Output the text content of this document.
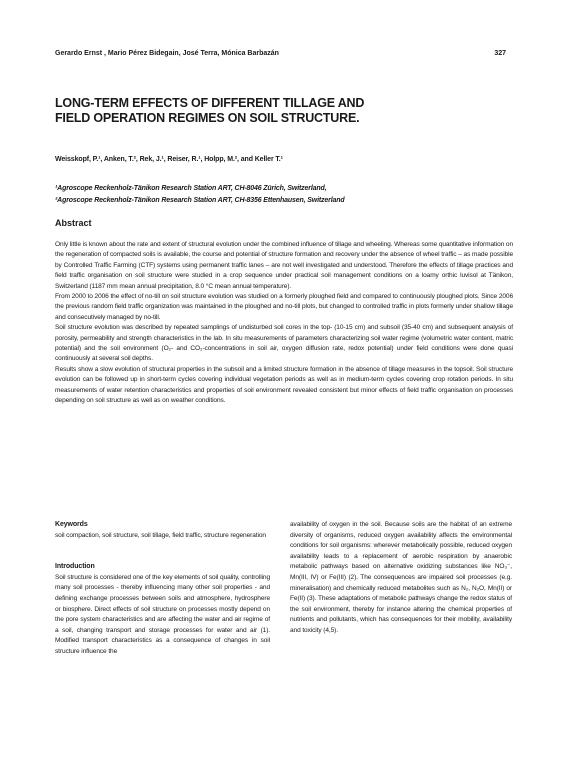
Gerardo Ernst , Mario Pérez Bidegain, José Terra, Mónica Barbazán	327
LONG-TERM EFFECTS OF DIFFERENT TILLAGE AND
FIELD OPERATION REGIMES ON SOIL STRUCTURE.
Weisskopf, P.¹, Anken, T.², Rek, J.¹, Reiser, R.¹, Holpp, M.², and Keller T.¹
¹Agroscope Reckenholz-Tänikon Research Station ART, CH-8046 Zürich, Switzerland,
²Agroscope Reckenholz-Tänikon Research Station ART, CH-8356 Ettenhausen, Switzerland
Abstract

Only little is known about the rate and extent of structural evolution under the combined influence of tillage and wheeling. Whereas some quantitative information on the regeneration of compacted soils is available, the course and potential of structure formation and recovery under the absence of wheel traffic – as made possible by Controlled Traffic Farming (CTF) systems using permanent traffic lanes – are not well investigated and understood. Therefore the effects of tillage practices and field traffic organisation on soil structure were studied in a crop sequence under practical soil management conditions on a loamy orthic luvisol at Tänikon, Switzerland (1187 mm mean annual precipitation, 8.0 °C mean annual temperature).

From 2000 to 2006 the effect of no-till on soil structure evolution was studied on a formerly ploughed field and compared to continuously ploughed plots. Since 2006 the previous random field traffic organization was maintained in the ploughed and no-till plots, but changed to controlled traffic in plots formerly under shallow tillage and consecutively managed by no-till.

Soil structure evolution was described by repeated samplings of undisturbed soil cores in the top- (10-15 cm) and subsoil (35-40 cm) and subsequent analysis of porosity, permeability and strength characteristics in the lab. In situ measurements of parameters characterizing soil water regime (volumetric water content, matric potential) and the soil environment (O₂- and CO₂-concentrations in soil air, oxygen diffusion rate, redox potential) under field conditions were done quasi continuously at several soil depths.

Results show a slow evolution of structural properties in the subsoil and a limited structure formation in the absence of tillage measures in the topsoil. Soil structure evolution can be followed up in short-term cycles covering individual vegetation periods as well as in medium-term cycles covering crop rotation periods. In situ measurements of water retention characteristics and properties of soil environment revealed consistent but minor effects of field traffic organisation on processes depending on soil structure as well as on weather conditions.

Keywords

soil compaction, soil structure, soil tillage, field traffic, structure regeneration

Introduction

Soil structure is considered one of the key elements of soil quality, controlling many soil processes - thereby influencing many other soil properties - and defining exchange processes between soils and atmosphere, hydrosphere or biosphere. Direct effects of soil structure on processes mostly depend on the pore system characteristics and are affecting the water and air regime of a soil, changing transport and storage processes for water and air (1). Modified transport characteristics as a consequence of changes in soil structure influence the

availability of oxygen in the soil. Because soils are the habitat of an extreme diversity of organisms, reduced oxygen availability affects the environmental conditions for soil organisms: wherever metabolically possible, reduced oxygen availability leads to a replacement of aerobic respiration by anaerobic metabolic pathways based on alternative oxidizing substances like NO₃⁻, Mn(III, IV) or Fe(III) (2). The consequences are impaired soil processes (e.g. mineralisation) and chemically reduced metabolites such as N₂, N₂O, Mn(II) or Fe(II) (3). These adaptations of metabolic pathways change the redox status of the soil environment, thereby for instance altering the chemical properties of nutrients and pollutants, which has consequences for their mobility, availability and toxicity (4,5).
